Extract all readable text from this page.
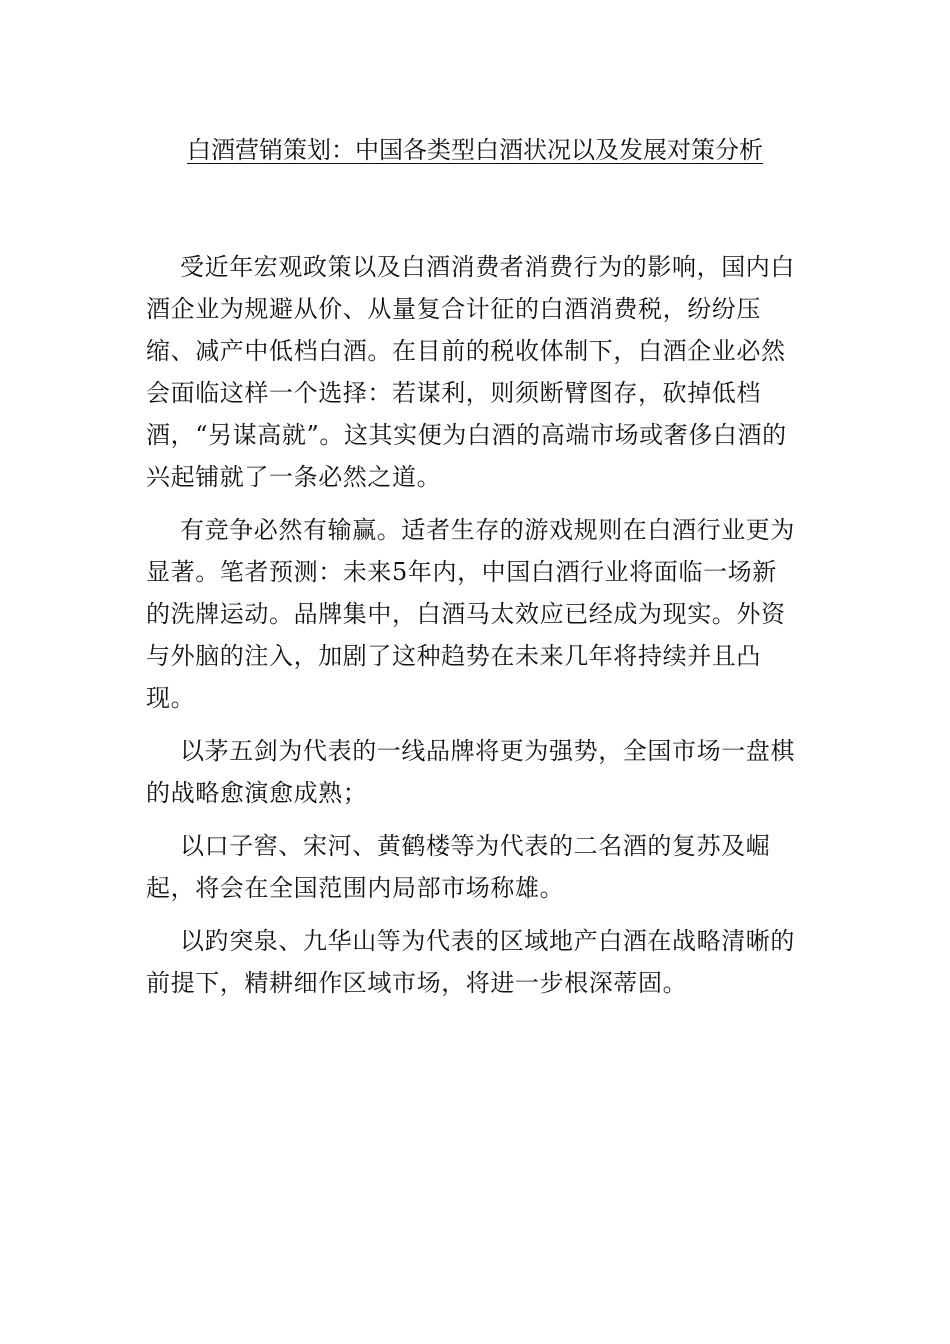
白酒营销策划：中国各类型白酒状况以及发展对策分析

受近年宏观政策以及白酒消费者消费行为的影响，国内白酒企业为规避从价、从量复合计征的白酒消费税，纷纷压缩、减产中低档白酒。在目前的税收体制下，白酒企业必然会面临这样一个选择：若谋利，则须断臂图存，砍掉低档酒，“另谋高就”。这其实便为白酒的高端市场或奢侈白酒的兴起铺就了一条必然之道。

有竞争必然有输赢。适者生存的游戏规则在白酒行业更为显著。笔者预测：未来5年内，中国白酒行业将面临一场新的洗牌运动。品牌集中，白酒马太效应已经成为现实。外资与外脑的注入，加剧了这种趋势在未来几年将持续并且凸现。

以茅五剑为代表的一线品牌将更为强势，全国市场一盘棋的战略愈演愈成熟；

以口子窖、宋河、黄鹤楼等为代表的二名酒的复苏及崛起，将会在全国范围内局部市场称雄。

以趵突泉、九华山等为代表的区域地产白酒在战略清晰的前提下，精耕细作区域市场，将进一步根深蒂固。
